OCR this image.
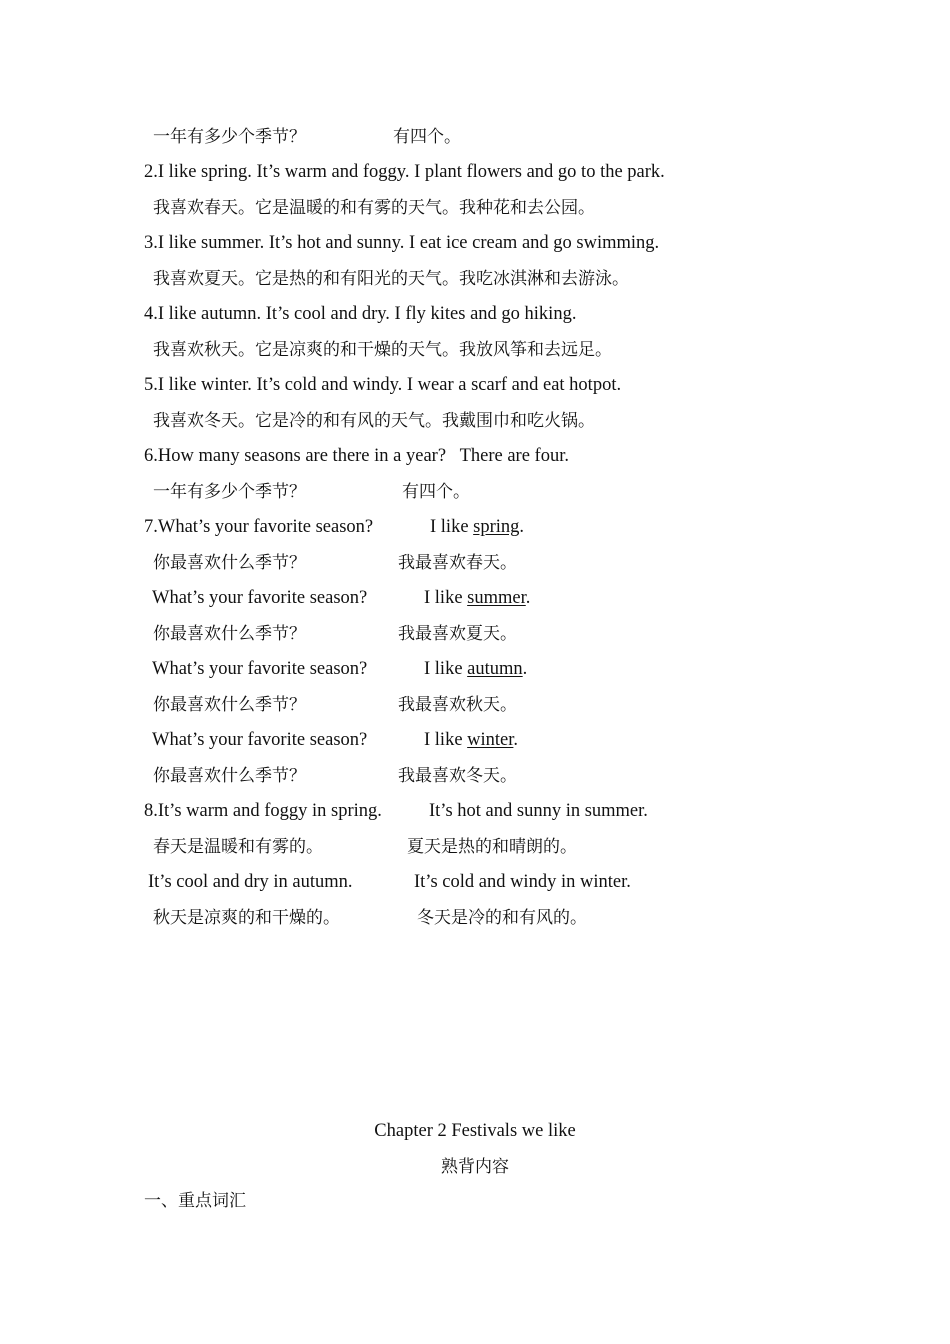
一年有多少个季节？	有四个。
2.I like spring. It’s warm and foggy. I plant flowers and go to the park.
我喜欢春天。它是温暖的和有雾的天气。我种花和去公园。
3.I like summer. It’s hot and sunny. I eat ice cream and go swimming.
我喜欢夏天。它是热的和有阳光的天气。我吃冰淇淋和去游泳。
4.I like autumn. It’s cool and dry. I fly kites and go hiking.
我喜欢秋天。它是凉爽的和干燥的天气。我放风筝和去远足。
5.I like winter. It’s cold and windy. I wear a scarf and eat hotpot.
我喜欢冬天。它是冷的和有风的天气。我戴围巾和吃火锅。
6.How many seasons are there in a year?   There are four.
一年有多少个季节？	有四个。
7.What’s your favorite season?	I like spring.
你最喜欢什么季节？	我最喜欢春天。
What’s your favorite season?	I like summer.
你最喜欢什么季节？	我最喜欢夏天。
What’s your favorite season?	I like autumn.
你最喜欢什么季节？	我最喜欢秋天。
What’s your favorite season?	I like winter.
你最喜欢什么季节？	我最喜欢冬天。
8.It’s warm and foggy in spring.	It’s hot and sunny in summer.
春天是温暖和有雾的。	夏天是热的和晴朗的。
It’s cool and dry in autumn.	It’s cold and windy in winter.
秋天是凉爽的和干燥的。	冬天是冷的和有风的。
Chapter 2 Festivals we like
熟背内容
一、重点词汇
